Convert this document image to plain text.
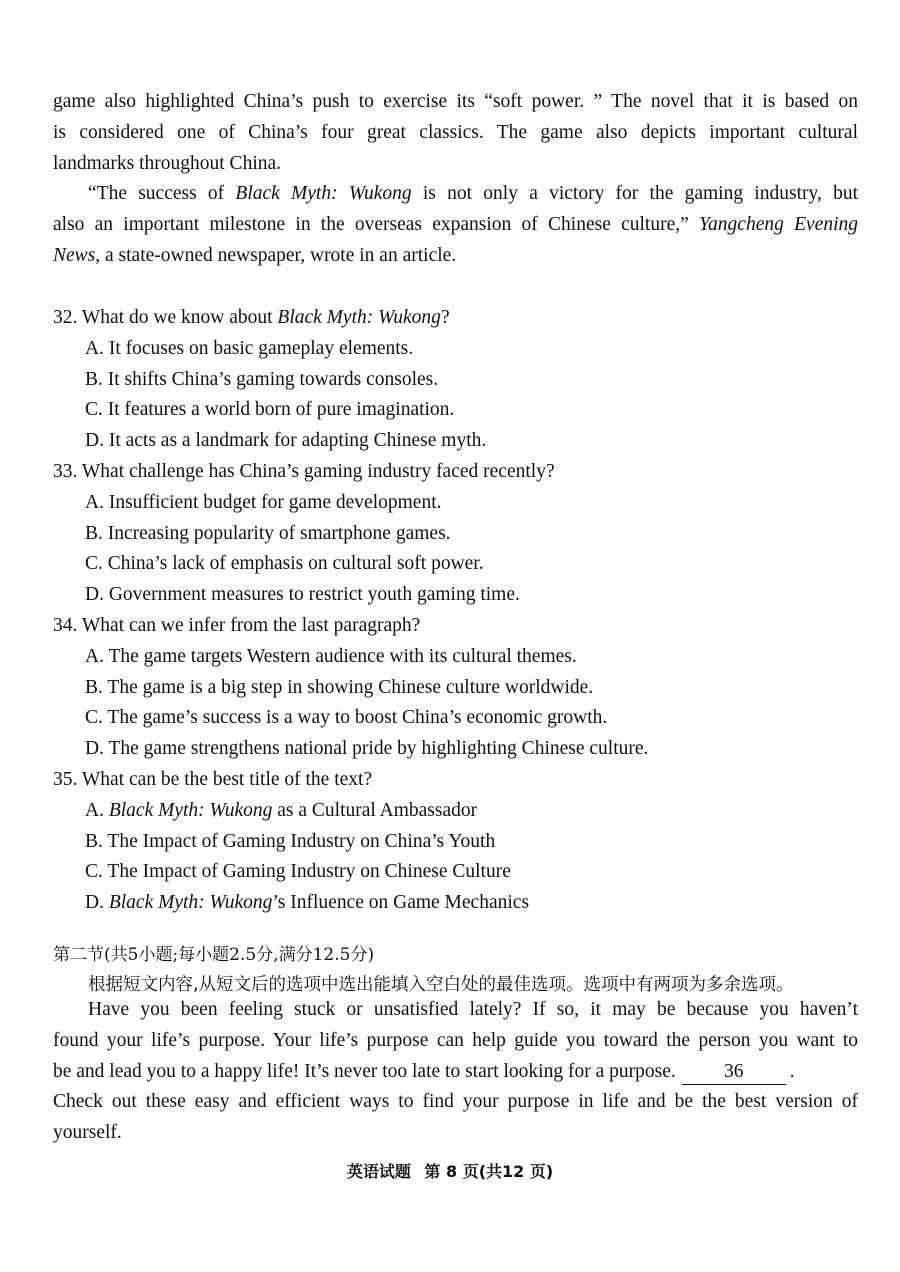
game also highlighted China’s push to exercise its “soft power. ” The novel that it is based on
is considered one of China’s four great classics. The game also depicts important cultural
landmarks throughout China.
“The success of Black Myth: Wukong is not only a victory for the gaming industry, but
also an important milestone in the overseas expansion of Chinese culture,” Yangcheng Evening
News, a state-owned newspaper, wrote in an article.
32. What do we know about Black Myth: Wukong?
A. It focuses on basic gameplay elements.
B. It shifts China’s gaming towards consoles.
C. It features a world born of pure imagination.
D. It acts as a landmark for adapting Chinese myth.
33. What challenge has China’s gaming industry faced recently?
A. Insufficient budget for game development.
B. Increasing popularity of smartphone games.
C. China’s lack of emphasis on cultural soft power.
D. Government measures to restrict youth gaming time.
34. What can we infer from the last paragraph?
A. The game targets Western audience with its cultural themes.
B. The game is a big step in showing Chinese culture worldwide.
C. The game’s success is a way to boost China’s economic growth.
D. The game strengthens national pride by highlighting Chinese culture.
35. What can be the best title of the text?
A. Black Myth: Wukong as a Cultural Ambassador
B. The Impact of Gaming Industry on China’s Youth
C. The Impact of Gaming Industry on Chinese Culture
D. Black Myth: Wukong’s Influence on Game Mechanics
第二节(共5小题;每小题2.5分,满分12.5分)
根据短文内容,从短文后的选项中选出能填入空白处的最佳选项。选项中有两项为多余选项。
Have you been feeling stuck or unsatisfied lately? If so, it may be because you haven’t
found your life’s purpose. Your life’s purpose can help guide you toward the person you want to
be and lead you to a happy life! It’s never too late to start looking for a purpose. 36 .
Check out these easy and efficient ways to find your purpose in life and be the best version of
yourself.
英语试题 第 8 页(共12 页)
